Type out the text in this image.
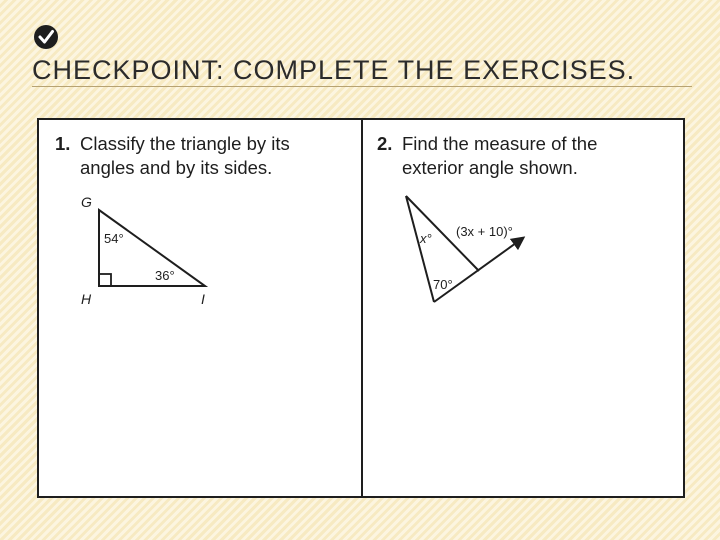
CHECKPOINT: COMPLETE THE EXERCISES.
1. Classify the triangle by its
angles and by its sides.
G
H	I
54°
36°
2. Find the measure of the
exterior angle shown.
x° (3x + 10)°
70°
